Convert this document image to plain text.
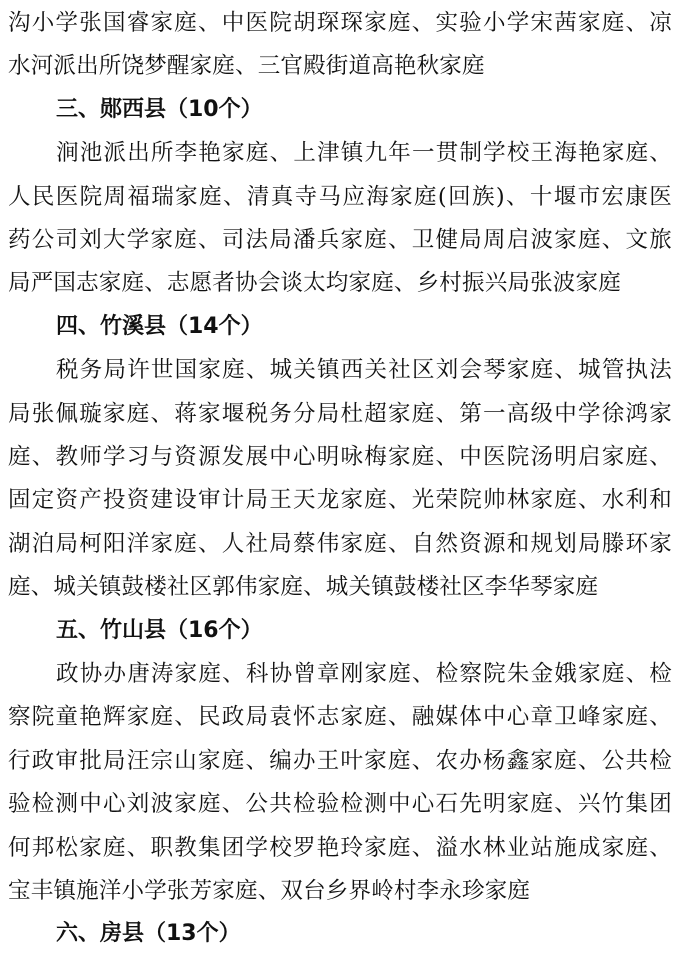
沟小学张国睿家庭、中医院胡琛琛家庭、实验小学宋茜家庭、凉
水河派出所饶梦醒家庭、三官殿街道高艳秋家庭
三、郧西县（10个）
涧池派出所李艳家庭、上津镇九年一贯制学校王海艳家庭、
人民医院周福瑞家庭、清真寺马应海家庭(回族)、十堰市宏康医
药公司刘大学家庭、司法局潘兵家庭、卫健局周启波家庭、文旅
局严国志家庭、志愿者协会谈太均家庭、乡村振兴局张波家庭
四、竹溪县（14个）
税务局许世国家庭、城关镇西关社区刘会琴家庭、城管执法
局张佩璇家庭、蒋家堰税务分局杜超家庭、第一高级中学徐鸿家
庭、教师学习与资源发展中心明咏梅家庭、中医院汤明启家庭、
固定资产投资建设审计局王天龙家庭、光荣院帅林家庭、水利和
湖泊局柯阳洋家庭、人社局蔡伟家庭、自然资源和规划局滕环家
庭、城关镇鼓楼社区郭伟家庭、城关镇鼓楼社区李华琴家庭
五、竹山县（16个）
政协办唐涛家庭、科协曾章刚家庭、检察院朱金娥家庭、检
察院童艳辉家庭、民政局袁怀志家庭、融媒体中心章卫峰家庭、
行政审批局汪宗山家庭、编办王叶家庭、农办杨鑫家庭、公共检
验检测中心刘波家庭、公共检验检测中心石先明家庭、兴竹集团
何邦松家庭、职教集团学校罗艳玲家庭、溢水林业站施成家庭、
宝丰镇施洋小学张芳家庭、双台乡界岭村李永珍家庭
六、房县（13个）
